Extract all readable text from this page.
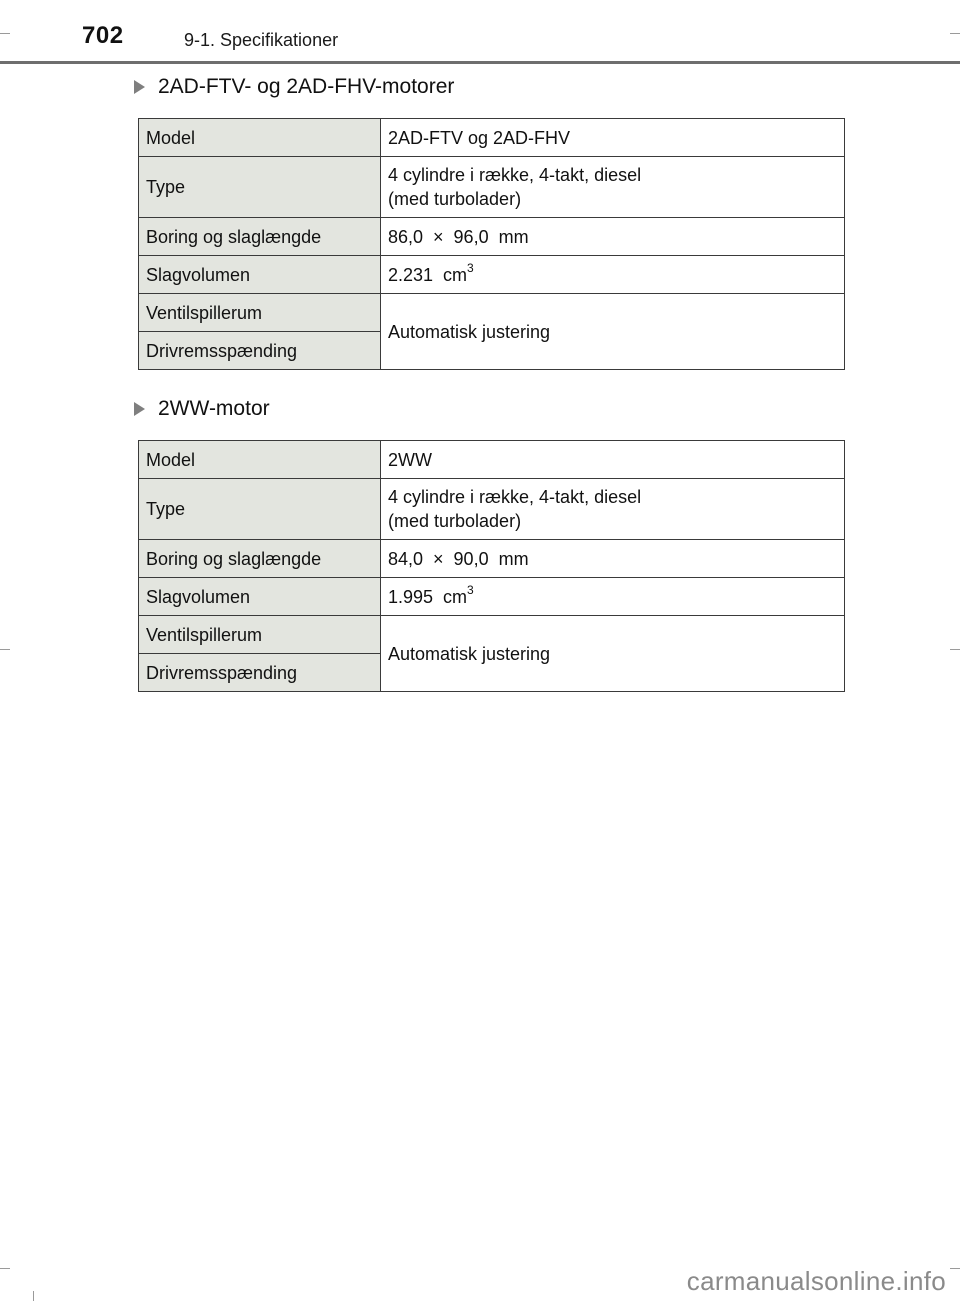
702	9-1. Specifikationer
2AD-FTV- og 2AD-FHV-motorer
Model	2AD-FTV og 2AD-FHV
Type	4 cylindre i række, 4-takt, diesel
(med turbolader)

Boring og slaglængde	86,0  ×  96,0  mm
Slagvolumen	2.231  $cm^3$
Ventilspillerum	Automatisk justering
Drivremsspænding	
2WW-motor
Model	2WW
Type	4 cylindre i række, 4-takt, diesel
(med turbolader)

Boring og slaglængde	84,0  ×  90,0  mm
Slagvolumen	1.995  $cm^3$
Ventilspillerum	Automatisk justering
Drivremsspænding	
carmanualsonline.info
